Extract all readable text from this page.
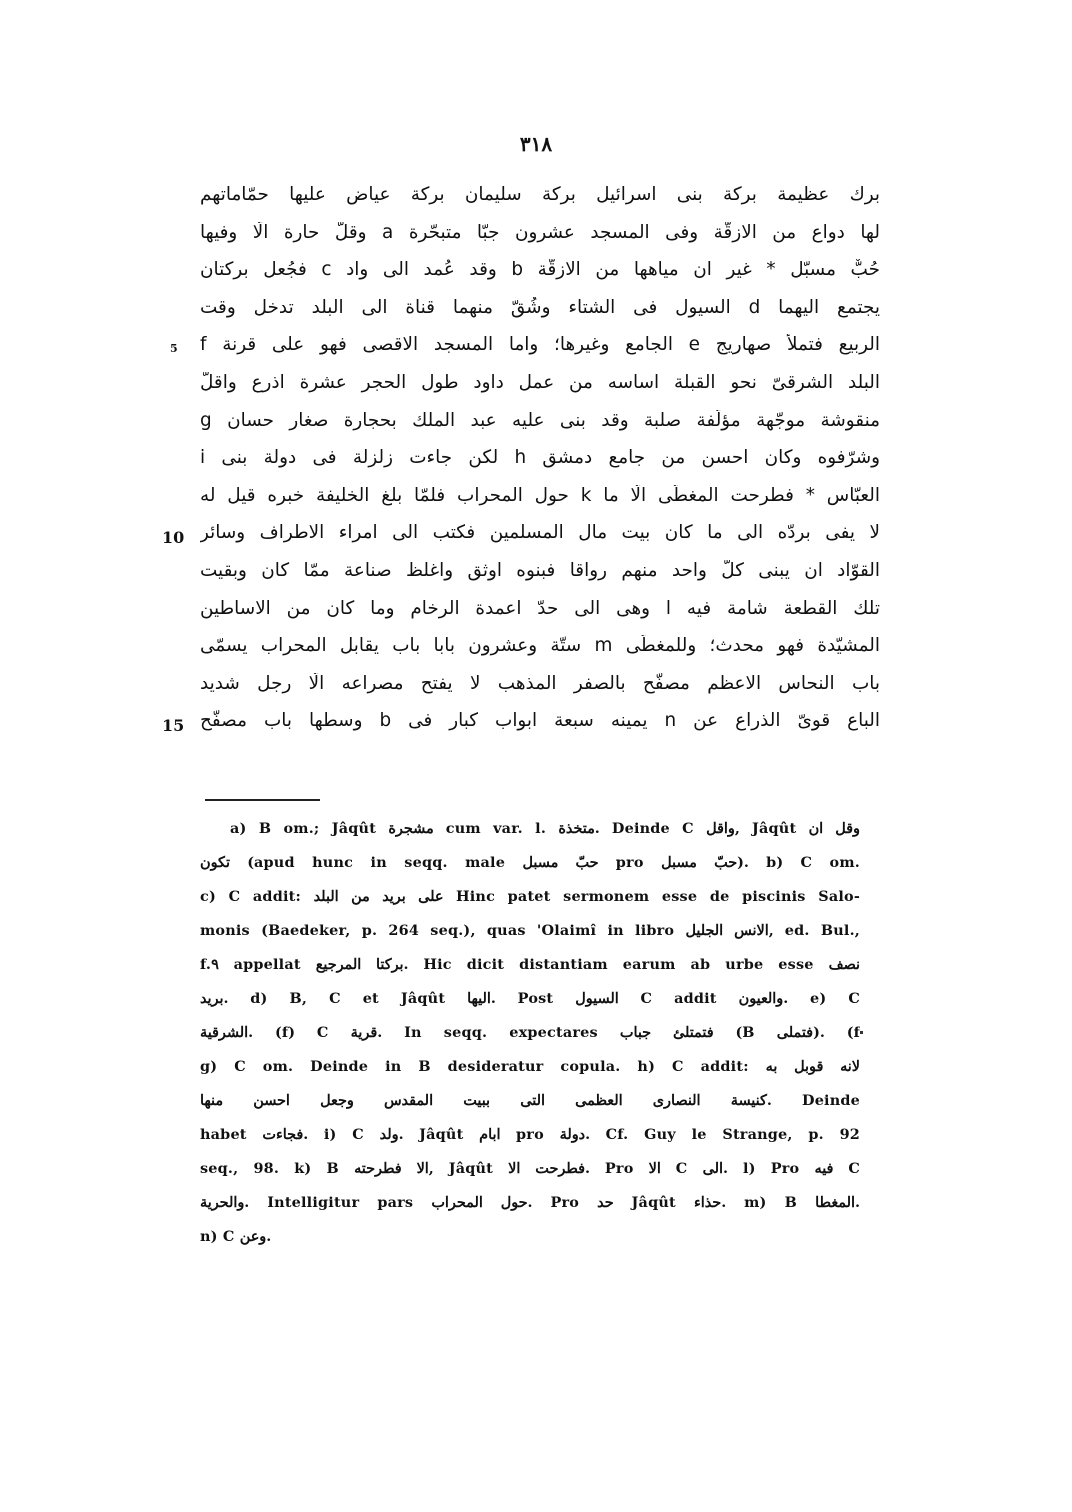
٣١٨
برك عظيمة بركة بنى اسرائيل بركة سليمان بركة عياض عليها حمّاماتهم
لها دواعٍ من الازقّة وفى المسجد عشرون جبّا متبحّرة a وقلّ حارة الّا وفيها
حُبٌّ مسبّل * غير ان مياهها من الازقّة b وقد عُمد الى واد c فجُعل بركتان
يجتمع اليهما d السيول فى الشتاء وشُقّ منهما قناة الى البلد تدخل وقت
5 الربيع فتملأ صهاريج e الجامع وغيرها؛ واما المسجد الاقصى فهو على قرنة f
البلد الشرقىّ نحو القبلة اساسه من عمل داود طول الحجر عشرة اذرع واقلّ
منقوشة موجّهة مؤلّفة صلبة وقد بنى عليه عبد الملك بحجارة صغار حسان g
وشرّفوه وكان احسن من جامع دمشق h لكن جاءت زلزلة فى دولة بنى i
العبّاس * فطرحت المغطّى الّا ما k حول المحراب فلمّا بلغ الخليفة خبره قيل له
10 لا يفى بردّه الى ما كان بيت مال المسلمين فكتب الى امراء الاطراف وسائر
القوّاد ان يبنى كلّ واحد منهم رواقا فبنوه اوثق واغلظ صناعة ممّا كان وبقيت
تلك القطعة شامة فيه l وهى الى حدّ اعمدة الرخام وما كان من الاساطين
المشيّدة فهو محدث؛ وللمغطّى m ستّة وعشرون بابا باب يقابل المحراب يسمّى
باب النحاس الاعظم مصفّح بالصفر المذهب لا يفتح مصراعه الّا رجل شديد
15 الباع قوىّ الذراع عن n يمينه سبعة ابواب كبار فى b وسطها باب مصفّح
a) B om.; Jâqût مشجرة cum var. l. متخذة. Deinde C واقل, Jâqût وقل ان
تكون (apud hunc in seqq. male حبّ مسبل pro حبّ مسبل). b) C om.
c) C addit: على بريد من البلد Hinc patet sermonem esse de piscinis Salo-
monis (Baedeker, p. 264 seq.), quas 'Olaimî in libro الانس الجليل, ed. Bul.,
f.٩ appellat بركتا المرجيع. Hic dicit distantiam earum ab urbe esse نصف
بريد. d) B, C et Jâqût اليها. Post السيول C addit والعيون. e) C
الشرقية. (f) C قرية. In seqq. expectares فتمتلئ جباب (B فتملى). (f
g) C om. Deinde in B desideratur copula. h) C addit: لانه قوبل به
كنيسة النصارى العظمى التى ببيت المقدس وجعل احسن منها. Deinde
habet فجاءت. i) C ولد. Jâqût ابام pro دولة. Cf. Guy le Strange, p. 92
seq., 98. k) B الا فطرحته, Jâqût فطرحت الا. Pro الا C الى. l) Pro فيه C
والحرية. Intelligitur pars حول المحراب. Pro حد Jâqût حذاء. m) B المغطا.
n) C وعن.
